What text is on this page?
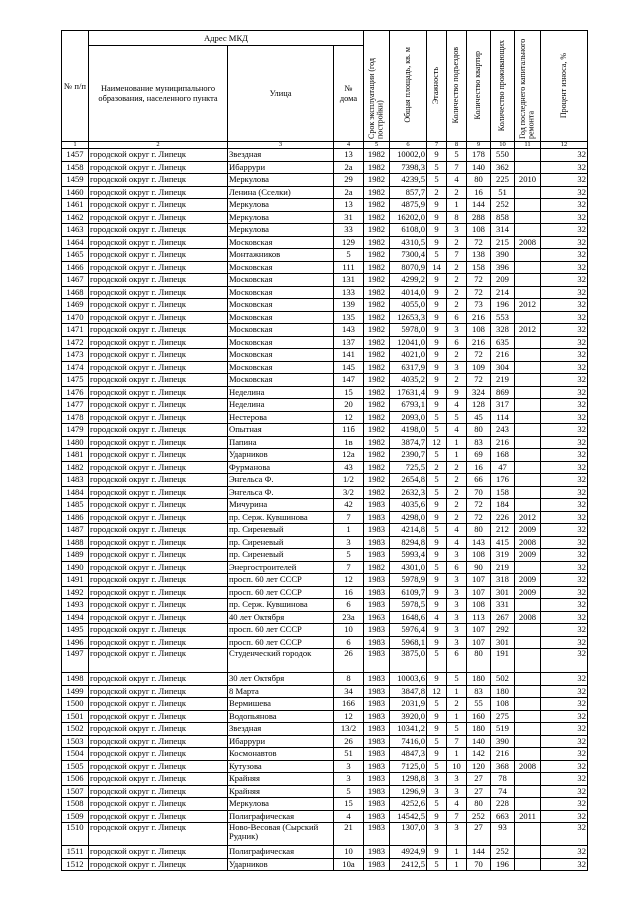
№ п/п	Адрес МКД			Срок эксплуатации (год постройки)	Общая площадь, кв. м	Этажность	Количество подъездов	Количество квартир	Количество проживающих	Год последнего капитального ремонта	Процент износа, %
	Наименование муниципального образования, населенного пункта	Улица	№ дома								
1	2	3	4	5	6	7	8	9	10	11	12
1457	городской округ г. Липецк	Звездная	13	1982	10002,0	9	5	178	550		32
1458	городской округ г. Липецк	Ибаррури	2а	1982	7398,3	5	7	140	362		32
1459	городской округ г. Липецк	Меркулова	29	1982	4239,5	5	4	80	225	2010	32
1460	городской округ г. Липецк	Ленина (Сселки)	2а	1982	857,7	2	2	16	51		32
1461	городской округ г. Липецк	Меркулова	13	1982	4875,9	9	1	144	252		32
1462	городской округ г. Липецк	Меркулова	31	1982	16202,0	9	8	288	858		32
1463	городской округ г. Липецк	Меркулова	33	1982	6108,0	9	3	108	314		32
1464	городской округ г. Липецк	Московская	129	1982	4310,5	9	2	72	215	2008	32
1465	городской округ г. Липецк	Монтажников	5	1982	7300,4	5	7	138	390		32
1466	городской округ г. Липецк	Московская	111	1982	8070,9	14	2	158	396		32
1467	городской округ г. Липецк	Московская	131	1982	4299,2	9	2	72	209		32
1468	городской округ г. Липецк	Московская	133	1982	4014,0	9	2	72	214		32
1469	городской округ г. Липецк	Московская	139	1982	4055,0	9	2	73	196	2012	32
1470	городской округ г. Липецк	Московская	135	1982	12653,3	9	6	216	553		32
1471	городской округ г. Липецк	Московская	143	1982	5978,0	9	3	108	328	2012	32
1472	городской округ г. Липецк	Московская	137	1982	12041,0	9	6	216	635		32
1473	городской округ г. Липецк	Московская	141	1982	4021,0	9	2	72	216		32
1474	городской округ г. Липецк	Московская	145	1982	6317,9	9	3	109	304		32
1475	городской округ г. Липецк	Московская	147	1982	4035,2	9	2	72	219		32
1476	городской округ г. Липецк	Неделина	15	1982	17631,4	9	9	324	869		32
1477	городской округ г. Липецк	Неделина	20	1982	6793,1	9	4	128	317		32
1478	городской округ г. Липецк	Нестерова	12	1982	2093,0	5	5	45	114		32
1479	городской округ г. Липецк	Опытная	11б	1982	4198,0	5	4	80	243		32
1480	городской округ г. Липецк	Папина	1в	1982	3874,7	12	1	83	216		32
1481	городской округ г. Липецк	Ударников	12а	1982	2390,7	5	1	69	168		32
1482	городской округ г. Липецк	Фурманова	43	1982	725,5	2	2	16	47		32
1483	городской округ г. Липецк	Энгельса Ф.	1/2	1982	2654,8	5	2	66	176		32
1484	городской округ г. Липецк	Энгельса Ф.	3/2	1982	2632,3	5	2	70	158		32
1485	городской округ г. Липецк	Мичурина	42	1983	4035,6	9	2	72	184		32
1486	городской округ г. Липецк	пр. Серж. Кувшинова	7	1983	4298,0	9	2	72	226	2012	32
1487	городской округ г. Липецк	пр. Сиреневый	1	1983	4214,8	5	4	80	212	2009	32
1488	городской округ г. Липецк	пр. Сиреневый	3	1983	8294,8	9	4	143	415	2008	32
1489	городской округ г. Липецк	пр. Сиреневый	5	1983	5993,4	9	3	108	319	2009	32
1490	городской округ г. Липецк	Энергостроителей	7	1982	4301,0	5	6	90	219		32
1491	городской округ г. Липецк	просп. 60 лет СССР	12	1983	5978,9	9	3	107	318	2009	32
1492	городской округ г. Липецк	просп. 60 лет СССР	16	1983	6109,7	9	3	107	301	2009	32
1493	городской округ г. Липецк	пр. Серж. Кувшинова	6	1983	5978,5	9	3	108	331		32
1494	городской округ г. Липецк	40 лет Октября	23а	1963	1648,6	4	3	113	267	2008	32
1495	городской округ г. Липецк	просп. 60 лет СССР	10	1983	5976,4	9	3	107	292		32
1496	городской округ г. Липецк	просп. 60 лет СССР	6	1983	5968,1	9	3	107	301		32
1497	городской округ г. Липецк	Студенческий городок	26	1983	3875,0	5	6	80	191		32
1498	городской округ г. Липецк	30 лет Октября	8	1983	10003,6	9	5	180	502		32
1499	городской округ г. Липецк	8 Марта	34	1983	3847,8	12	1	83	180		32
1500	городской округ г. Липецк	Вермишева	166	1983	2031,9	5	2	55	108		32
1501	городской округ г. Липецк	Водопьянова	12	1983	3920,0	9	1	160	275		32
1502	городской округ г. Липецк	Звездная	13/2	1983	10341,2	9	5	180	519		32
1503	городской округ г. Липецк	Ибаррури	26	1983	7416,0	5	7	140	390		32
1504	городской округ г. Липецк	Космонавтов	51	1983	4847,3	9	1	142	216		32
1505	городской округ г. Липецк	Кутузова	3	1983	7125,0	5	10	120	368	2008	32
1506	городской округ г. Липецк	Крайняя	3	1983	1298,8	3	3	27	78		32
1507	городской округ г. Липецк	Крайняя	5	1983	1296,9	3	3	27	74		32
1508	городской округ г. Липецк	Меркулова	15	1983	4252,6	5	4	80	228		32
1509	городской округ г. Липецк	Полиграфическая	4	1983	14542,5	9	7	252	663	2011	32
1510	городской округ г. Липецк	Ново-Весовая (Сырский Рудник)	21	1983	1307,0	3	3	27	93		32
1511	городской округ г. Липецк	Полиграфическая	10	1983	4924,9	9	1	144	252		32
1512	городской округ г. Липецк	Ударников	10а	1983	2412,5	5	1	70	196		32
